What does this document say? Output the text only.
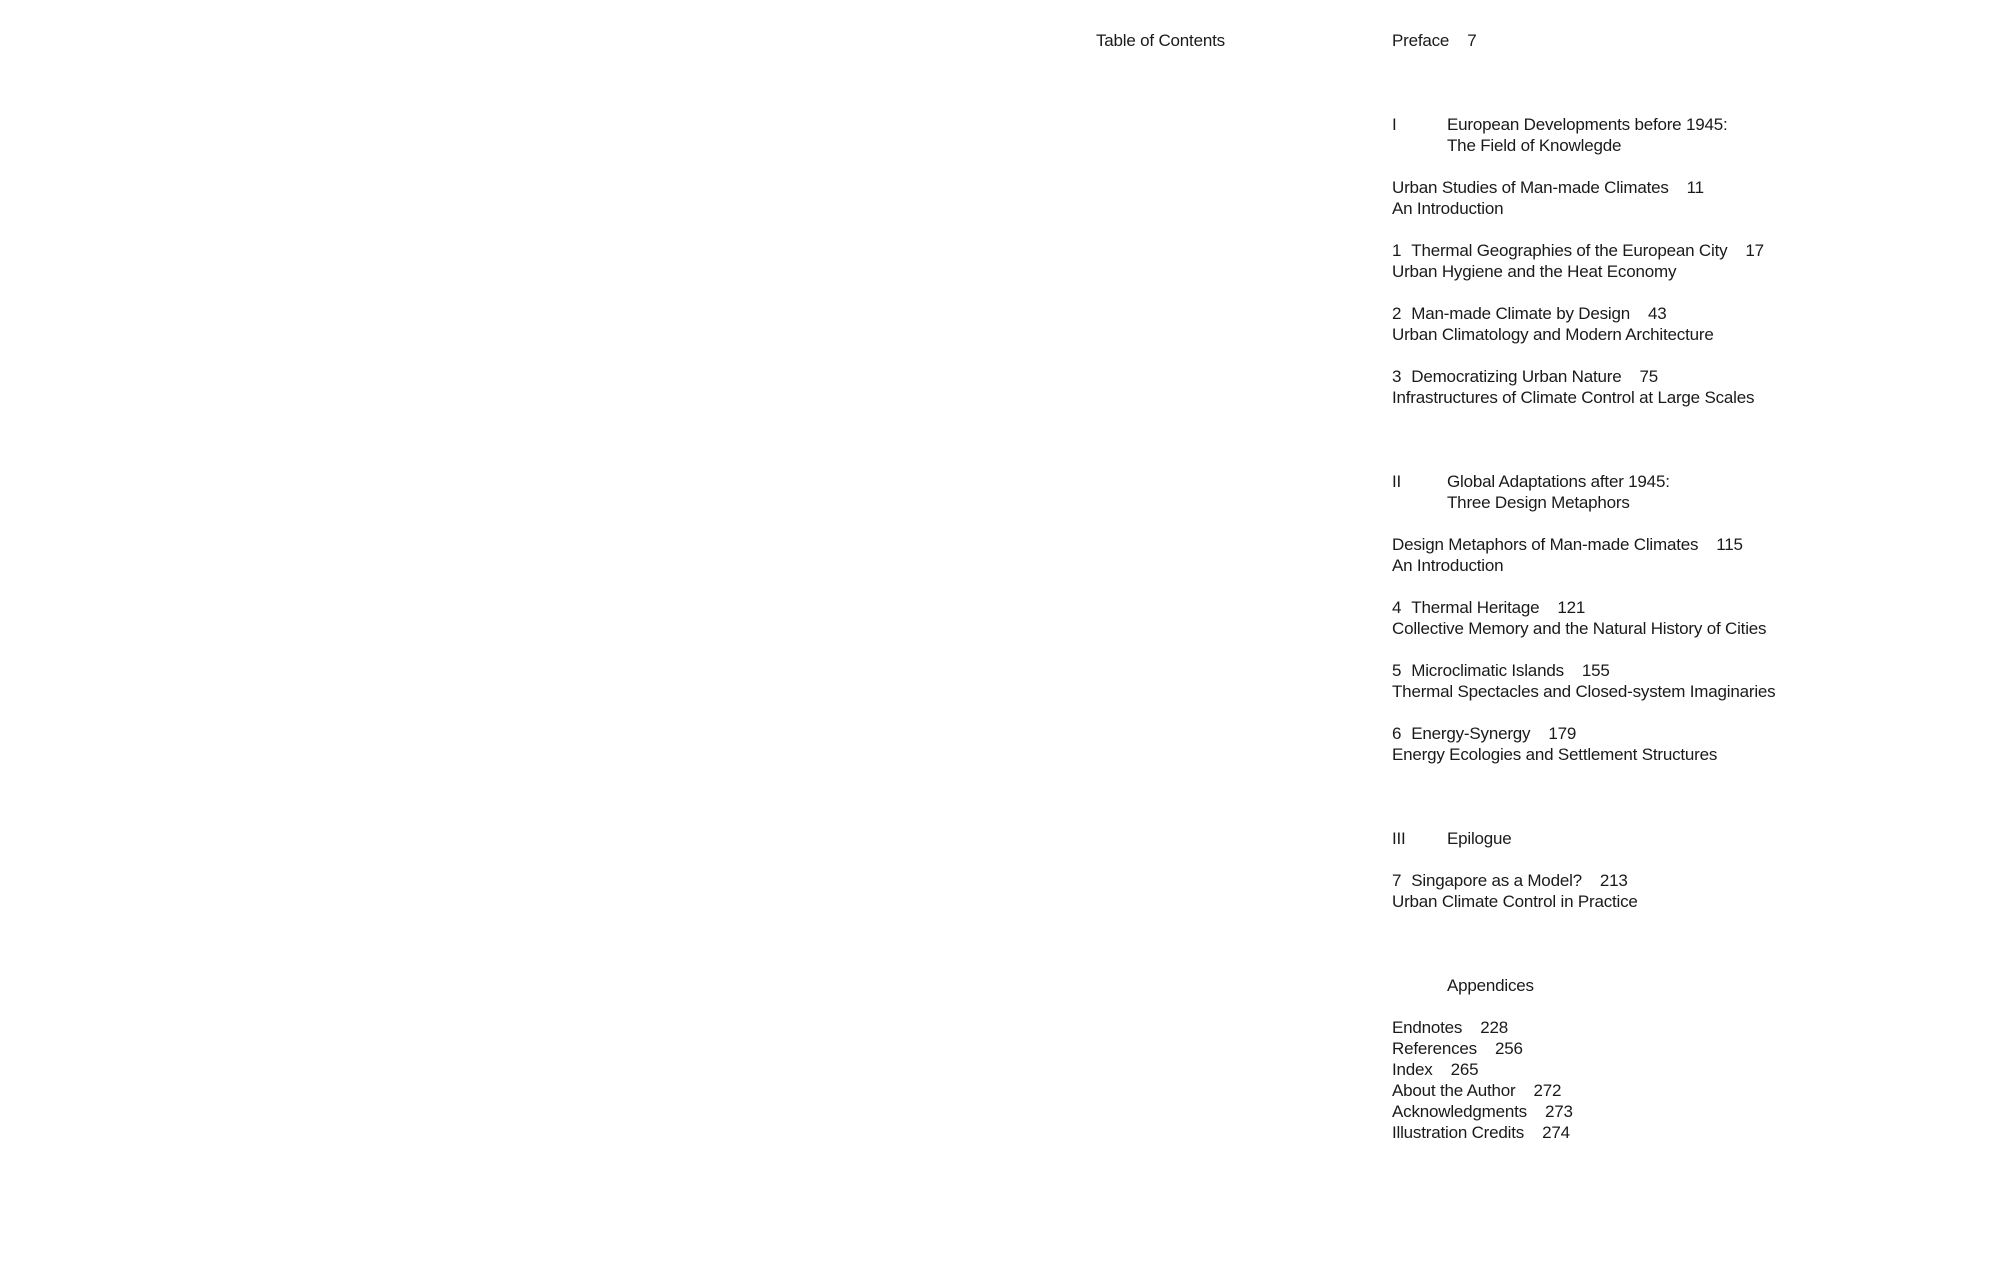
Table of Contents	Preface 7
I	European Developments before 1945:
The Field of Knowlegde
Urban Studies of Man-made Climates 11
An Introduction
1 Thermal Geographies of the European City 17
Urban Hygiene and the Heat Economy
2 Man-made Climate by Design 43
Urban Climatology and Modern Architecture
3 Democratizing Urban Nature 75
Infrastructures of Climate Control at Large Scales
II	Global Adaptations after 1945:
Three Design Metaphors
Design Metaphors of Man-made Climates 115
An Introduction
4 Thermal Heritage 121
Collective Memory and the Natural History of Cities
5 Microclimatic Islands 155
Thermal Spectacles and Closed-system Imaginaries
6 Energy-Synergy 179
Energy Ecologies and Settlement Structures
III Epilogue
7 Singapore as a Model? 213
Urban Climate Control in Practice
Appendices
Endnotes 228
References 256
Index 265
About the Author 272
Acknowledgments 273
Illustration Credits 274
